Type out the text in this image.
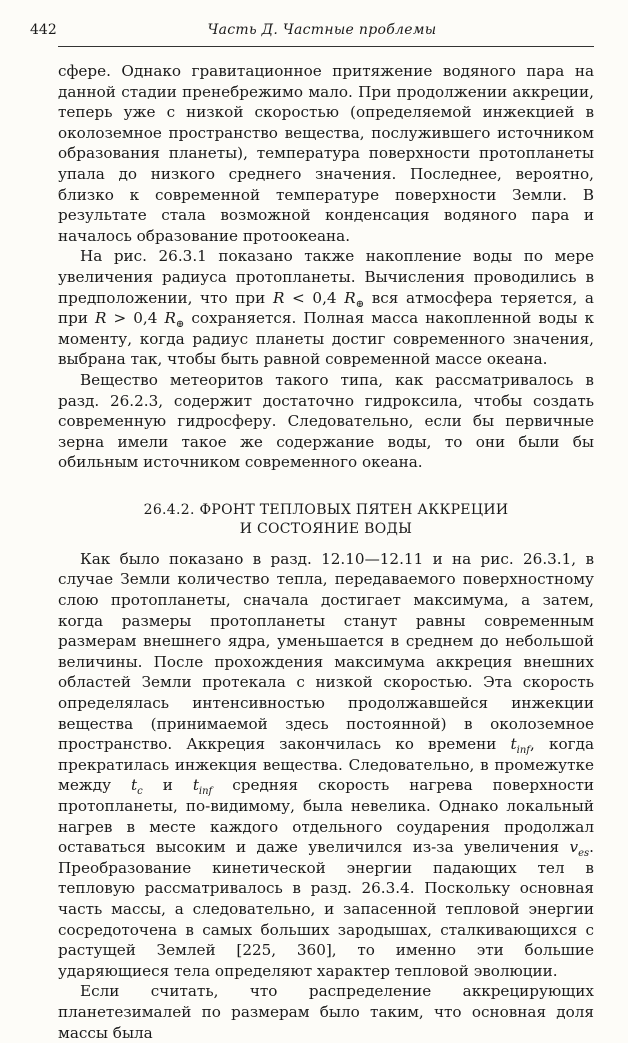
442	Часть Д. Частные проблемы

сфере. Однако гравитационное притяжение водяного пара на данной стадии пренебрежимо мало. При продолжении аккреции, теперь уже с низкой скоростью (определяемой инжекцией в околоземное пространство вещества, послужившего источником образования планеты), температура поверхности протопланеты упала до низкого среднего значения. Последнее, вероятно, близко к современной температуре поверхности Земли. В результате стала возможной конденсация водяного пара и началось образование протоокеана.

На рис. 26.3.1 показано также накопление воды по мере увеличения радиуса протопланеты. Вычисления проводились в предположении, что при R < 0,4 $R_\oplus$ вся атмосфера теряется, а при R > 0,4 $R_\oplus$ сохраняется. Полная масса накопленной воды к моменту, когда радиус планеты достиг современного значения, выбрана так, чтобы быть равной современной массе океана.

Вещество метеоритов такого типа, как рассматривалось в разд. 26.2.3, содержит достаточно гидроксила, чтобы создать современную гидросферу. Следовательно, если бы первичные зерна имели такое же содержание воды, то они были бы обильным источником современного океана.

26.4.2. ФРОНТ ТЕПЛОВЫХ ПЯТЕН АККРЕЦИИ
И СОСТОЯНИЕ ВОДЫ

Как было показано в разд. 12.10—12.11 и на рис. 26.3.1, в случае Земли количество тепла, передаваемого поверхностному слою протопланеты, сначала достигает максимума, а затем, когда размеры протопланеты станут равны современным размерам внешнего ядра, уменьшается в среднем до небольшой величины. После прохождения максимума аккреция внешних областей Земли протекала с низкой скоростью. Эта скорость определялась интенсивностью продолжавшейся инжекции вещества (принимаемой здесь постоянной) в околоземное пространство. Аккреция закончилась ко времени $t_{inf}$, когда прекратилась инжекция вещества. Следовательно, в промежутке между $t_c$ и $t_{inf}$ средняя скорость нагрева поверхности протопланеты, по-видимому, была невелика. Однако локальный нагрев в месте каждого отдельного соударения продолжал оставаться высоким и даже увеличился из-за увеличения $v_{es}$. Преобразование кинетической энергии падающих тел в тепловую рассматривалось в разд. 26.3.4. Поскольку основная часть массы, а следовательно, и запасенной тепловой энергии сосредоточена в самых больших зародышах, сталкивающихся с растущей Землей [225, 360], то именно эти большие ударяющиеся тела определяют характер тепловой эволюции.

Если считать, что распределение аккрецирующих планетезималей по размерам было таким, что основная доля массы была
